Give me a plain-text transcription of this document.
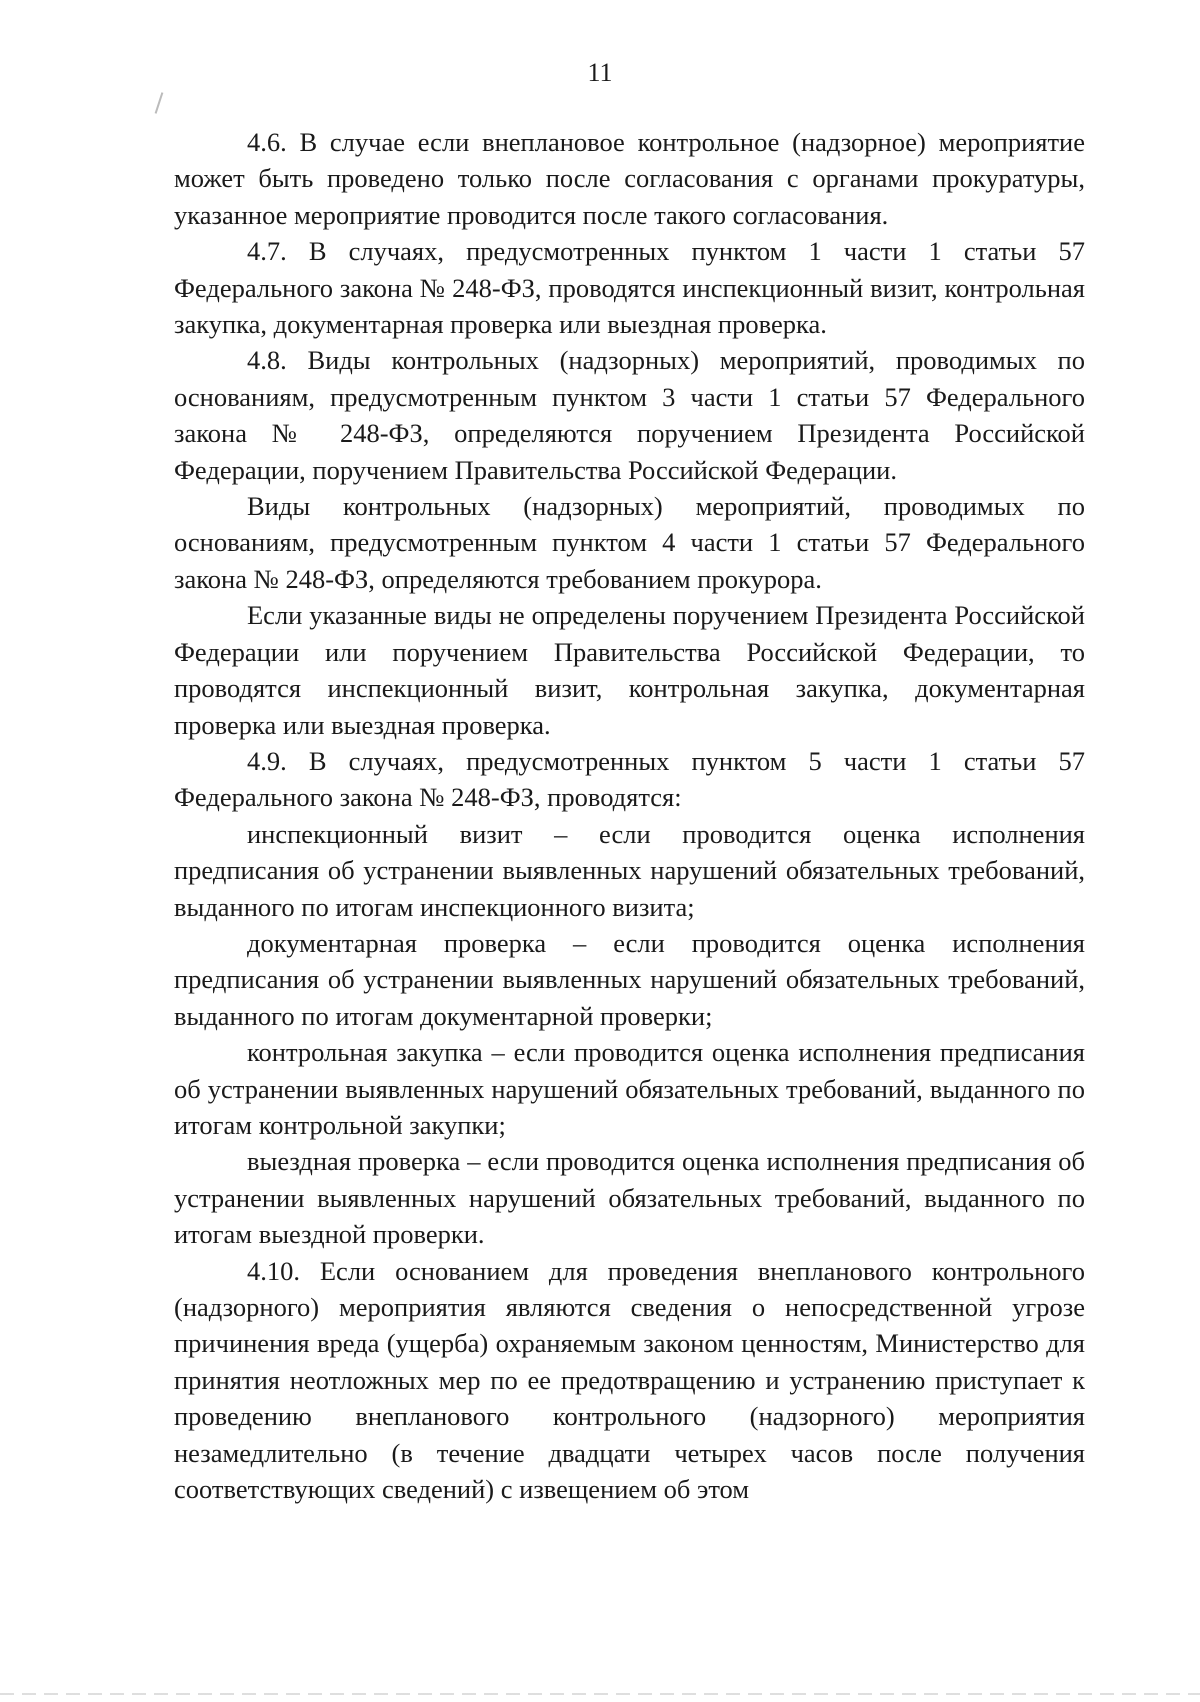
11

4.6. В случае если внеплановое контрольное (надзорное) мероприятие может быть проведено только после согласования с органами прокуратуры, указанное мероприятие проводится после такого согласования.

4.7. В случаях, предусмотренных пунктом 1 части 1 статьи 57 Федерального закона № 248-ФЗ, проводятся инспекционный визит, контрольная закупка, документарная проверка или выездная проверка.

4.8. Виды контрольных (надзорных) мероприятий, проводимых по основаниям, предусмотренным пунктом 3 части 1 статьи 57 Федерального закона № 248-ФЗ, определяются поручением Президента Российской Федерации, поручением Правительства Российской Федерации.

Виды контрольных (надзорных) мероприятий, проводимых по основаниям, предусмотренным пунктом 4 части 1 статьи 57 Федерального закона № 248-ФЗ, определяются требованием прокурора.

Если указанные виды не определены поручением Президента Российской Федерации или поручением Правительства Российской Федерации, то проводятся инспекционный визит, контрольная закупка, документарная проверка или выездная проверка.

4.9. В случаях, предусмотренных пунктом 5 части 1 статьи 57 Федерального закона № 248-ФЗ, проводятся:

инспекционный визит – если проводится оценка исполнения предписания об устранении выявленных нарушений обязательных требований, выданного по итогам инспекционного визита;

документарная проверка – если проводится оценка исполнения предписания об устранении выявленных нарушений обязательных требований, выданного по итогам документарной проверки;

контрольная закупка – если проводится оценка исполнения предписания об устранении выявленных нарушений обязательных требований, выданного по итогам контрольной закупки;

выездная проверка – если проводится оценка исполнения предписания об устранении выявленных нарушений обязательных требований, выданного по итогам выездной проверки.

4.10. Если основанием для проведения внепланового контрольного (надзорного) мероприятия являются сведения о непосредственной угрозе причинения вреда (ущерба) охраняемым законом ценностям, Министерство для принятия неотложных мер по ее предотвращению и устранению приступает к проведению внепланового контрольного (надзорного) мероприятия незамедлительно (в течение двадцати четырех часов после получения соответствующих сведений) с извещением об этом
